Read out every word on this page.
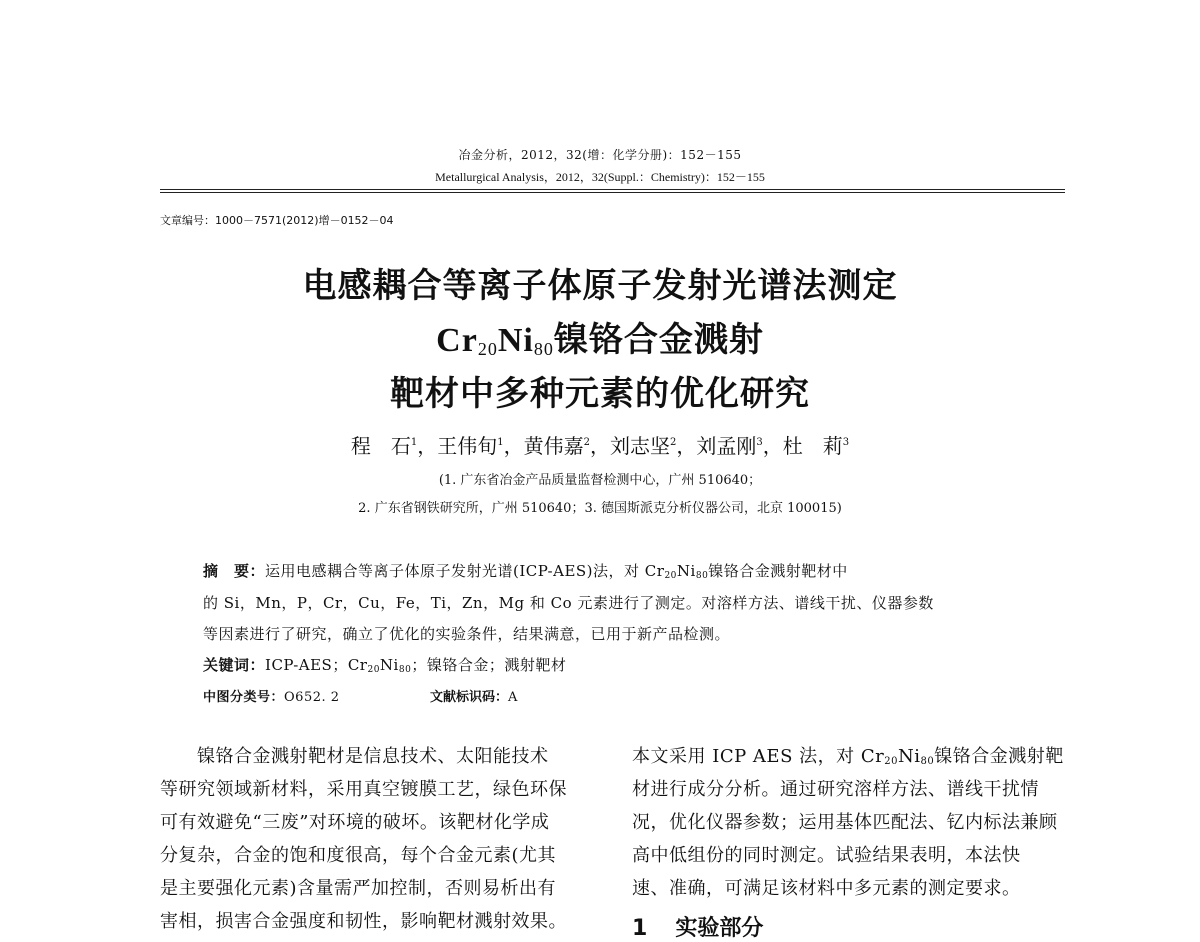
冶金分析，2012，32(增：化学分册)：152－155
Metallurgical Analysis，2012，32(Suppl.：Chemistry)：152－155
文章编号：1000－7571(2012)增－0152－04
电感耦合等离子体原子发射光谱法测定
$Cr_{20}Ni_{80}$镍铬合金溅射
靶材中多种元素的优化研究
程　石$^1$，王伟旬$^1$，黄伟嘉$^2$，刘志坚$^2$，刘孟刚$^3$，杜　莉$^3$
(1. 广东省冶金产品质量监督检测中心，广州 510640；
2. 广东省钢铁研究所，广州 510640；3. 德国斯派克分析仪器公司，北京 100015)
摘　要：运用电感耦合等离子体原子发射光谱(ICP-AES)法，对 $Cr_{20}Ni_{80}$镍铬合金溅射靶材中
的 Si，Mn，P，Cr，Cu，Fe，Ti，Zn，Mg 和 Co 元素进行了测定。对溶样方法、谱线干扰、仪器参数
等因素进行了研究，确立了优化的实验条件，结果满意，已用于新产品检测。
关键词：ICP-AES；$Cr_{20}Ni_{80}$；镍铬合金；溅射靶材
中图分类号：O652. 2	文献标识码：A
　　镍铬合金溅射靶材是信息技术、太阳能技术
等研究领域新材料，采用真空镀膜工艺，绿色环保
可有效避免“三废”对环境的破坏。该靶材化学成
分复杂，合金的饱和度很高，每个合金元素(尤其
是主要强化元素)含量需严加控制，否则易析出有
害相，损害合金强度和韧性，影响靶材溅射效果。
本文采用 ICP AES 法，对 $Cr_{20}Ni_{80}$镍铬合金溅射靶
材进行成分分析。通过研究溶样方法、谱线干扰情
况，优化仪器参数；运用基体匹配法、钇内标法兼顾
高中低组份的同时测定。试验结果表明，本法快
速、准确，可满足该材料中多元素的测定要求。
1 实验部分
